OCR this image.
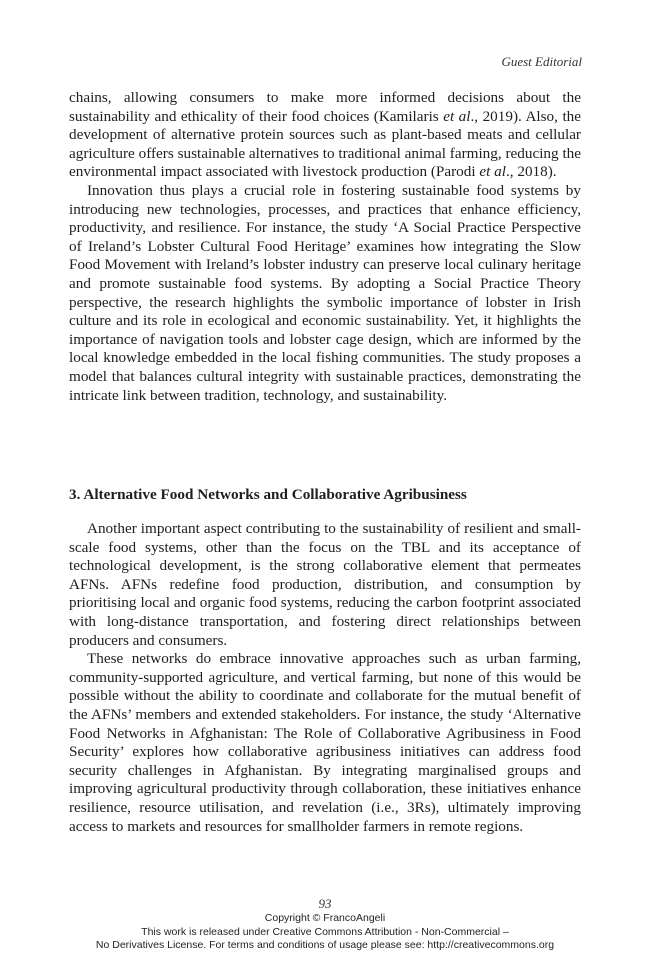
Guest Editorial

chains, allowing consumers to make more informed decisions about the sustainability and ethicality of their food choices (Kamilaris et al., 2019). Also, the development of alternative protein sources such as plant-based meats and cellular agriculture offers sustainable alternatives to traditional animal farming, reducing the environmental impact associated with livestock production (Parodi et al., 2018).

Innovation thus plays a crucial role in fostering sustainable food systems by introducing new technologies, processes, and practices that enhance efficiency, productivity, and resilience. For instance, the study ‘A Social Practice Perspective of Ireland’s Lobster Cultural Food Heritage’ examines how integrating the Slow Food Movement with Ireland’s lobster industry can preserve local culinary heritage and promote sustainable food systems. By adopting a Social Practice Theory perspective, the research highlights the symbolic importance of lobster in Irish culture and its role in ecological and economic sustainability. Yet, it highlights the importance of navigation tools and lobster cage design, which are informed by the local knowledge embedded in the local fishing communities. The study proposes a model that balances cultural integrity with sustainable practices, demonstrating the intricate link between tradition, technology, and sustainability.

3. Alternative Food Networks and Collaborative Agribusiness

Another important aspect contributing to the sustainability of resilient and small-scale food systems, other than the focus on the TBL and its acceptance of technological development, is the strong collaborative element that permeates AFNs. AFNs redefine food production, distribution, and consumption by prioritising local and organic food systems, reducing the carbon footprint associated with long-distance transportation, and fostering direct relationships between producers and consumers.

These networks do embrace innovative approaches such as urban farming, community-supported agriculture, and vertical farming, but none of this would be possible without the ability to coordinate and collaborate for the mutual benefit of the AFNs’ members and extended stakeholders. For instance, the study ‘Alternative Food Networks in Afghanistan: The Role of Collaborative Agribusiness in Food Security’ explores how collaborative agribusiness initiatives can address food security challenges in Afghanistan. By integrating marginalised groups and improving agricultural productivity through collaboration, these initiatives enhance resilience, resource utilisation, and revelation (i.e., 3Rs), ultimately improving access to markets and resources for smallholder farmers in remote regions.

93
Copyright © FrancoAngeli
This work is released under Creative Commons Attribution - Non-Commercial –
No Derivatives License. For terms and conditions of usage please see: http://creativecommons.org
